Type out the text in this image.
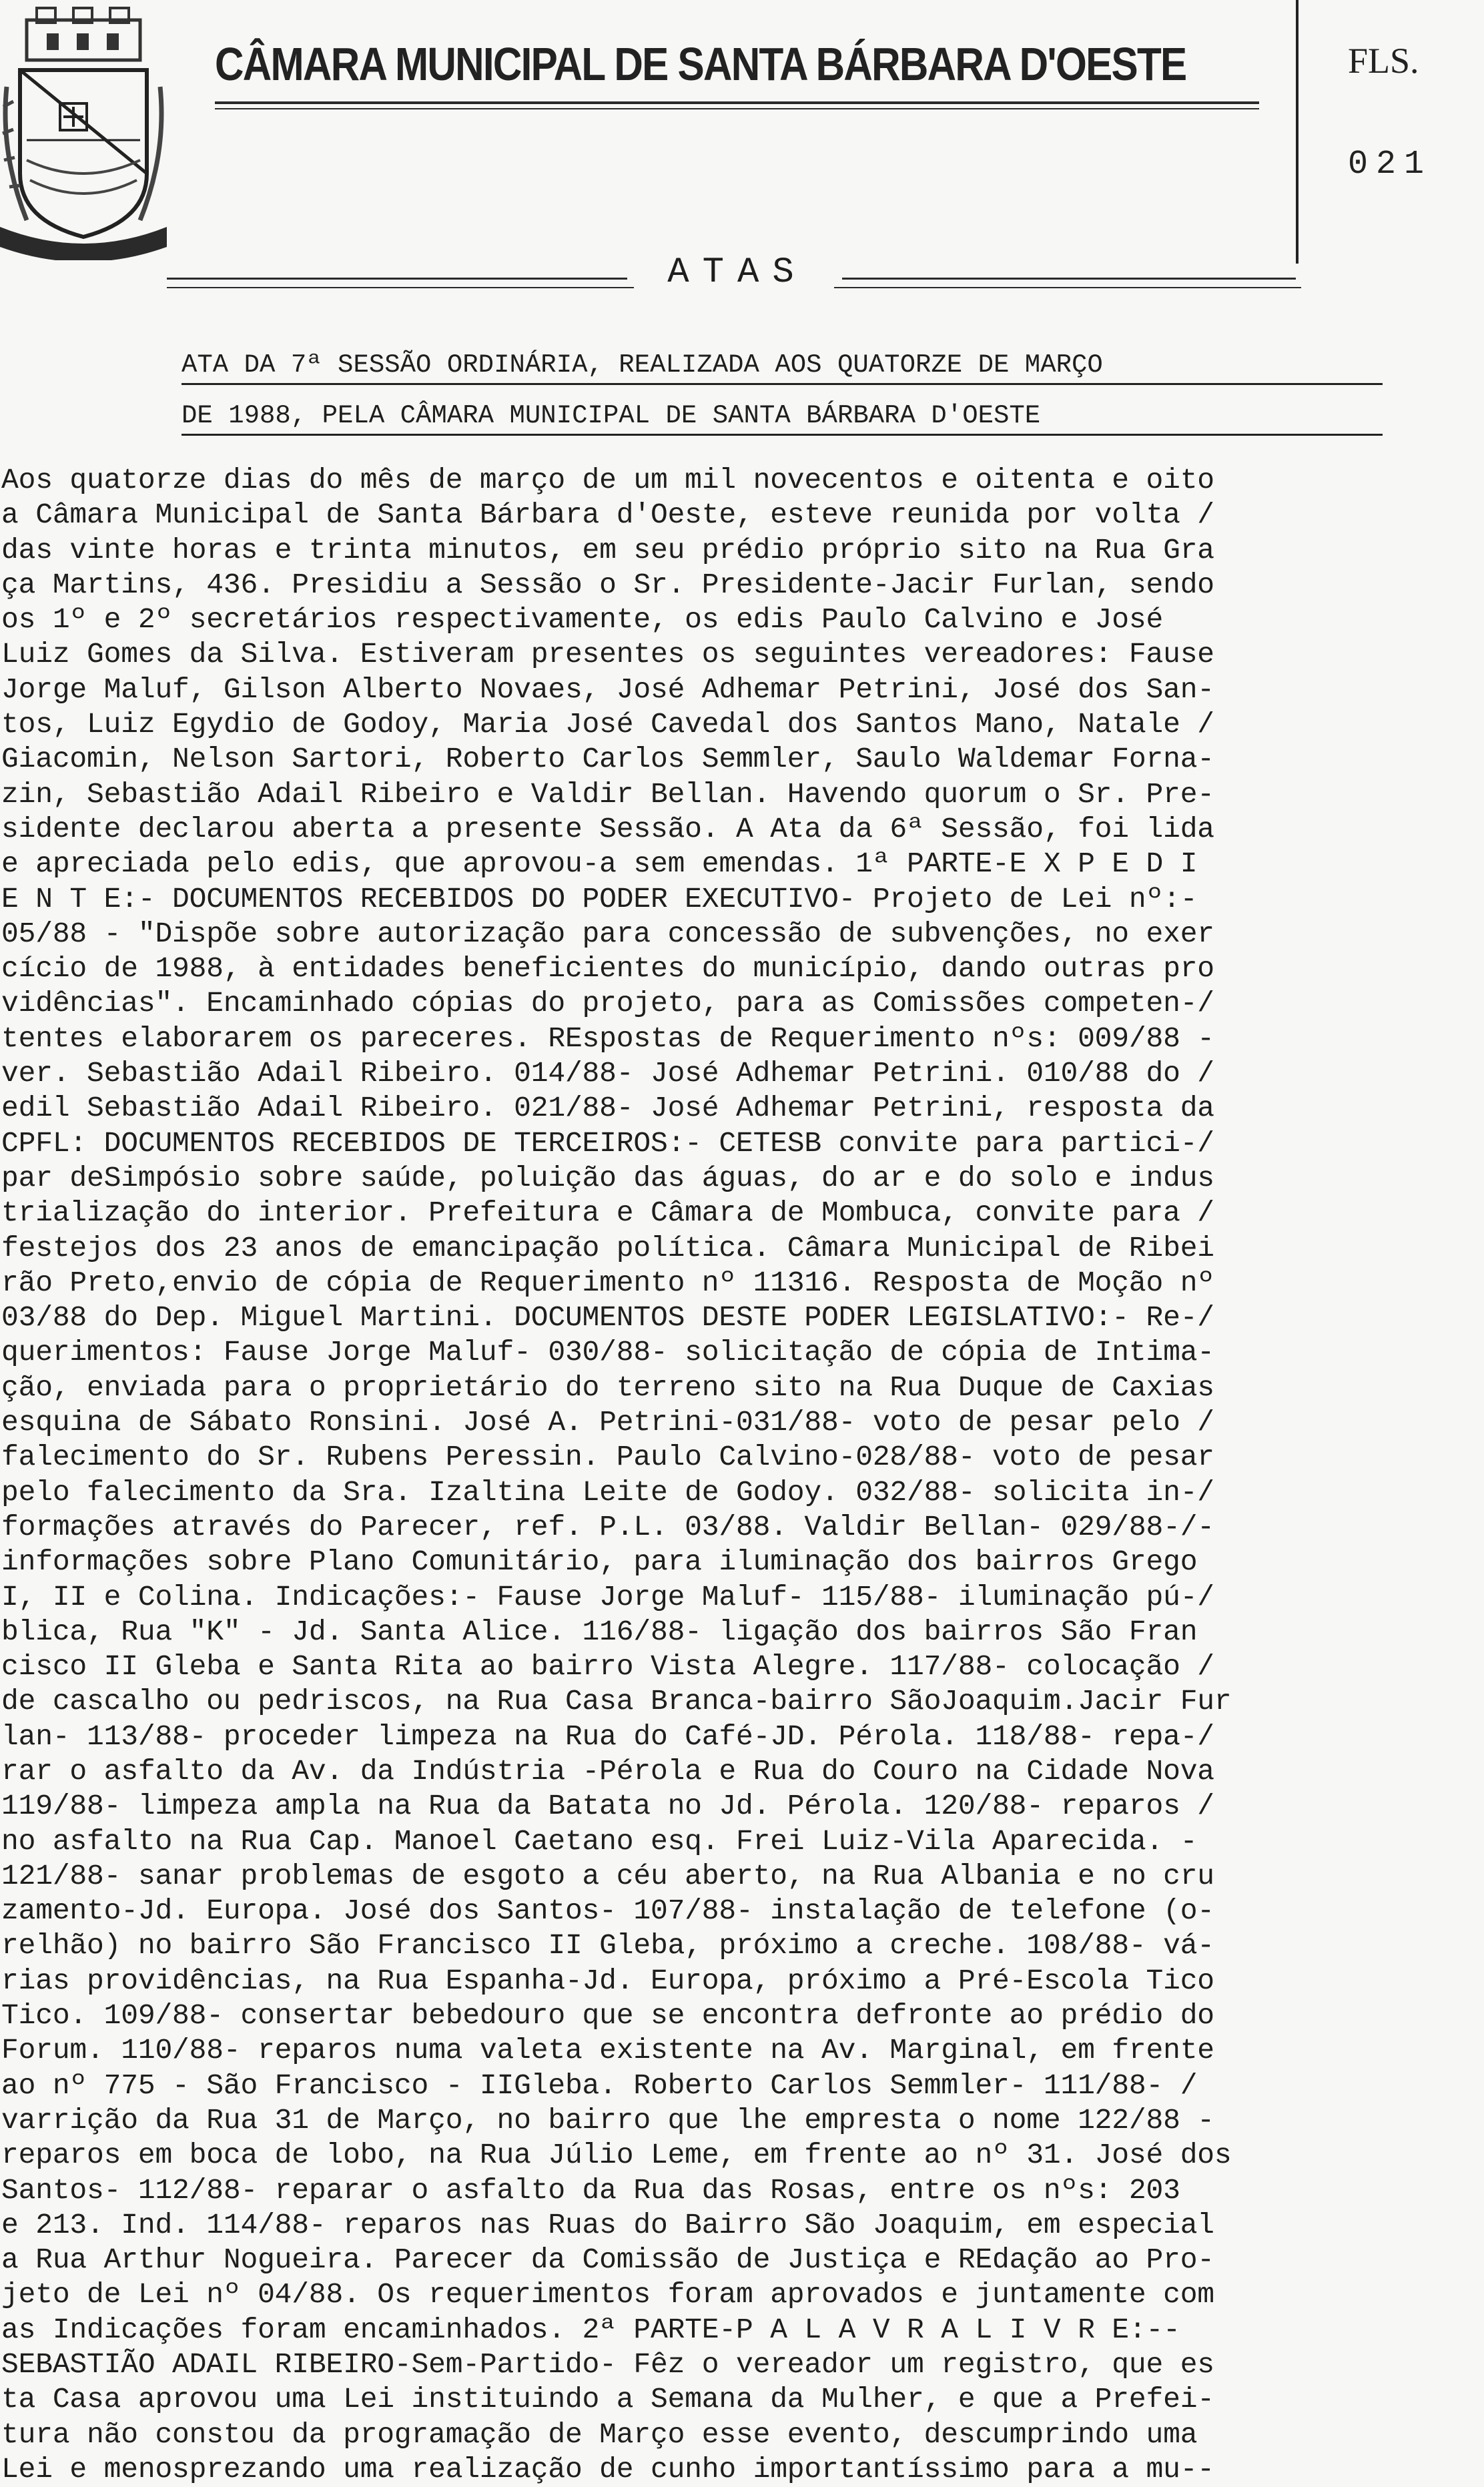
CÂMARA MUNICIPAL DE SANTA BÁRBARA D'OESTE	FLS.
021
ATAS
ATA DA 7ª SESSÃO ORDINÁRIA, REALIZADA AOS QUATORZE DE MARÇO
DE 1988, PELA CÂMARA MUNICIPAL DE SANTA BÁRBARA D'OESTE
Aos quatorze dias do mês de março de um mil novecentos e oitenta e oito
a Câmara Municipal de Santa Bárbara d'Oeste, esteve reunida por volta /
das vinte horas e trinta minutos, em seu prédio próprio sito na Rua Gra
ça Martins, 436. Presidiu a Sessão o Sr. Presidente-Jacir Furlan, sendo
os 1º e 2º secretários respectivamente, os edis Paulo Calvino e José
Luiz Gomes da Silva. Estiveram presentes os seguintes vereadores: Fause
Jorge Maluf, Gilson Alberto Novaes, José Adhemar Petrini, José dos San-
tos, Luiz Egydio de Godoy, Maria José Cavedal dos Santos Mano, Natale /
Giacomin, Nelson Sartori, Roberto Carlos Semmler, Saulo Waldemar Forna-
zin, Sebastião Adail Ribeiro e Valdir Bellan. Havendo quorum o Sr. Pre-
sidente declarou aberta a presente Sessão. A Ata da 6ª Sessão, foi lida
e apreciada pelo edis, que aprovou-a sem emendas. 1ª PARTE-E X P E D I
E N T E:- DOCUMENTOS RECEBIDOS DO PODER EXECUTIVO- Projeto de Lei nº:-
05/88 - "Dispõe sobre autorização para concessão de subvenções, no exer
cício de 1988, à entidades beneficientes do município, dando outras pro
vidências". Encaminhado cópias do projeto, para as Comissões competen-/
tentes elaborarem os pareceres. REspostas de Requerimento nºs: 009/88 -
ver. Sebastião Adail Ribeiro. 014/88- José Adhemar Petrini. 010/88 do /
edil Sebastião Adail Ribeiro. 021/88- José Adhemar Petrini, resposta da
CPFL: DOCUMENTOS RECEBIDOS DE TERCEIROS:- CETESB convite para partici-/
par deSimpósio sobre saúde, poluição das águas, do ar e do solo e indus
trialização do interior. Prefeitura e Câmara de Mombuca, convite para /
festejos dos 23 anos de emancipação política. Câmara Municipal de Ribei
rão Preto,envio de cópia de Requerimento nº 11316. Resposta de Moção nº
03/88 do Dep. Miguel Martini. DOCUMENTOS DESTE PODER LEGISLATIVO:- Re-/
querimentos: Fause Jorge Maluf- 030/88- solicitação de cópia de Intima-
ção, enviada para o proprietário do terreno sito na Rua Duque de Caxias
esquina de Sábato Ronsini. José A. Petrini-031/88- voto de pesar pelo /
falecimento do Sr. Rubens Peressin. Paulo Calvino-028/88- voto de pesar
pelo falecimento da Sra. Izaltina Leite de Godoy. 032/88- solicita in-/
formações através do Parecer, ref. P.L. 03/88. Valdir Bellan- 029/88-/-
informações sobre Plano Comunitário, para iluminação dos bairros Grego
I, II e Colina. Indicações:- Fause Jorge Maluf- 115/88- iluminação pú-/
blica, Rua "K" - Jd. Santa Alice. 116/88- ligação dos bairros São Fran
cisco II Gleba e Santa Rita ao bairro Vista Alegre. 117/88- colocação /
de cascalho ou pedriscos, na Rua Casa Branca-bairro SãoJoaquim.Jacir Fur
lan- 113/88- proceder limpeza na Rua do Café-JD. Pérola. 118/88- repa-/
rar o asfalto da Av. da Indústria -Pérola e Rua do Couro na Cidade Nova
119/88- limpeza ampla na Rua da Batata no Jd. Pérola. 120/88- reparos /
no asfalto na Rua Cap. Manoel Caetano esq. Frei Luiz-Vila Aparecida. -
121/88- sanar problemas de esgoto a céu aberto, na Rua Albania e no cru
zamento-Jd. Europa. José dos Santos- 107/88- instalação de telefone (o-
relhão) no bairro São Francisco II Gleba, próximo a creche. 108/88- vá-
rias providências, na Rua Espanha-Jd. Europa, próximo a Pré-Escola Tico
Tico. 109/88- consertar bebedouro que se encontra defronte ao prédio do
Forum. 110/88- reparos numa valeta existente na Av. Marginal, em frente
ao nº 775 - São Francisco - IIGleba. Roberto Carlos Semmler- 111/88- /
varrição da Rua 31 de Março, no bairro que lhe empresta o nome 122/88 -
reparos em boca de lobo, na Rua Júlio Leme, em frente ao nº 31. José dos
Santos- 112/88- reparar o asfalto da Rua das Rosas, entre os nºs: 203
e 213. Ind. 114/88- reparos nas Ruas do Bairro São Joaquim, em especial
a Rua Arthur Nogueira. Parecer da Comissão de Justiça e REdação ao Pro-
jeto de Lei nº 04/88. Os requerimentos foram aprovados e juntamente com
as Indicações foram encaminhados. 2ª PARTE-P A L A V R A L I V R E:--
SEBASTIÃO ADAIL RIBEIRO-Sem-Partido- Fêz o vereador um registro, que es
ta Casa aprovou uma Lei instituindo a Semana da Mulher, e que a Prefei-
tura não constou da programação de Março esse evento, descumprindo uma
Lei e menosprezando uma realização de cunho importantíssimo para a mu--
